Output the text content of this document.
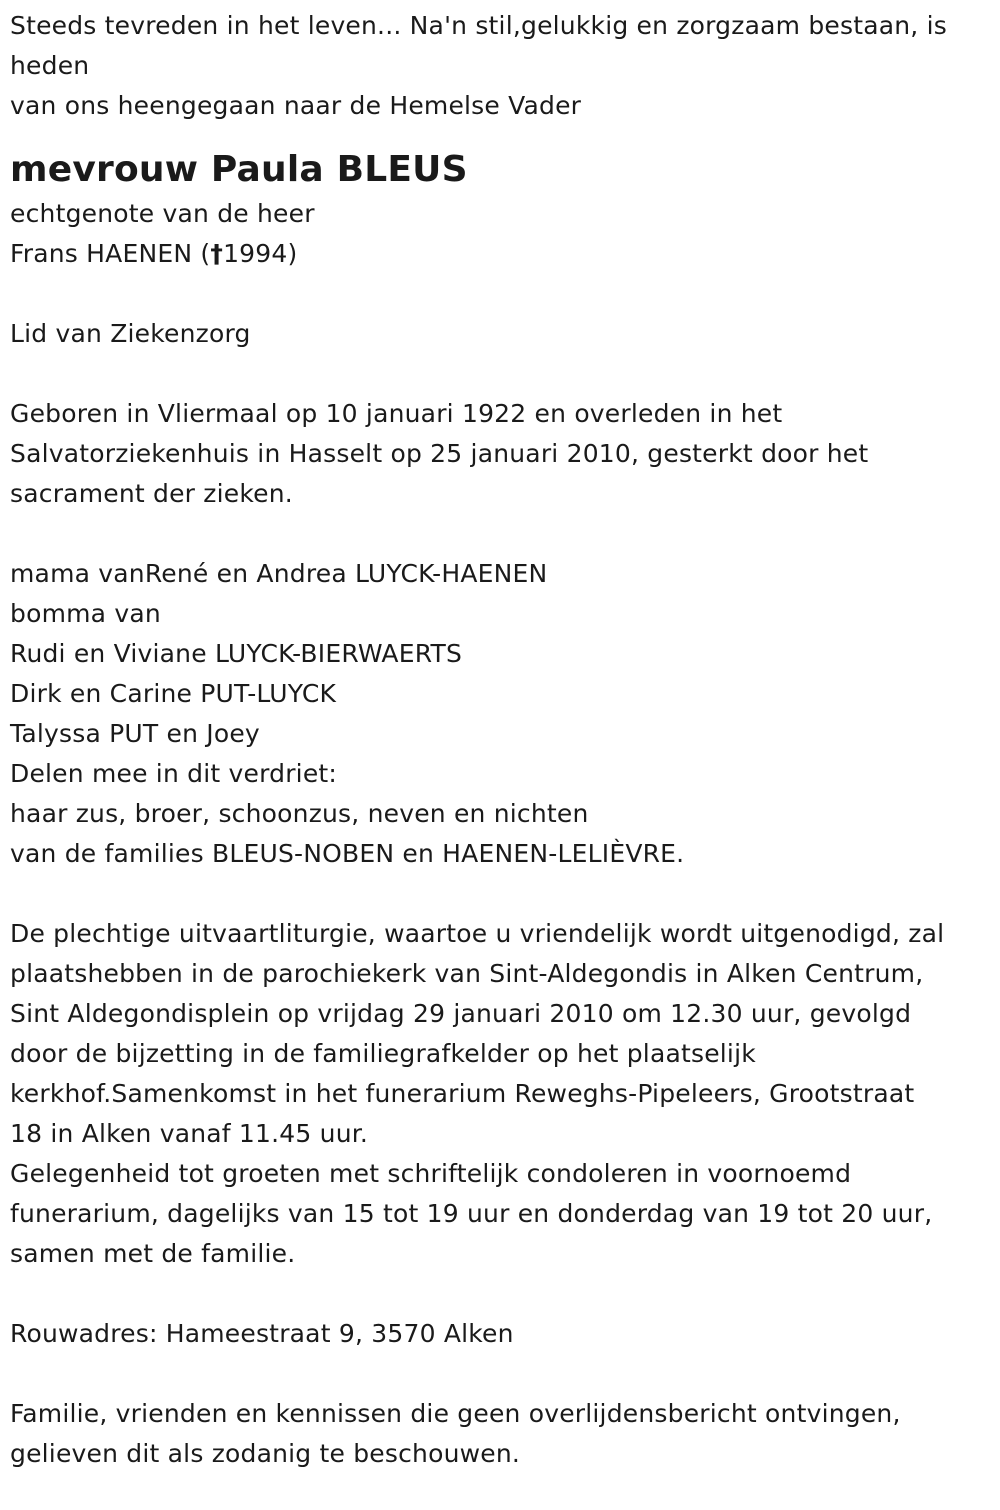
Steeds tevreden in het leven... Na'n stil,gelukkig en zorgzaam bestaan, is
heden
van ons heengegaan naar de Hemelse Vader
mevrouw Paula BLEUS
echtgenote van de heer
Frans HAENEN (†1994)
Lid van Ziekenzorg
Geboren in Vliermaal op 10 januari 1922 en overleden in het
Salvatorziekenhuis in Hasselt op 25 januari 2010, gesterkt door het
sacrament der zieken.
mama vanRené en Andrea LUYCK-HAENEN
bomma van
Rudi en Viviane LUYCK-BIERWAERTS
Dirk en Carine PUT-LUYCK
Talyssa PUT en Joey
Delen mee in dit verdriet:
haar zus, broer, schoonzus, neven en nichten
van de families BLEUS-NOBEN en HAENEN-LELIÈVRE.
De plechtige uitvaartliturgie, waartoe u vriendelijk wordt uitgenodigd, zal
plaatshebben in de parochiekerk van Sint-Aldegondis in Alken Centrum,
Sint Aldegondisplein op vrijdag 29 januari 2010 om 12.30 uur, gevolgd
door de bijzetting in de familiegrafkelder op het plaatselijk
kerkhof.Samenkomst in het funerarium Reweghs-Pipeleers, Grootstraat
18 in Alken vanaf 11.45 uur.
Gelegenheid tot groeten met schriftelijk condoleren in voornoemd
funerarium, dagelijks van 15 tot 19 uur en donderdag van 19 tot 20 uur,
samen met de familie.
Rouwadres: Hameestraat 9, 3570 Alken
Familie, vrienden en kennissen die geen overlijdensbericht ontvingen,
gelieven dit als zodanig te beschouwen.
